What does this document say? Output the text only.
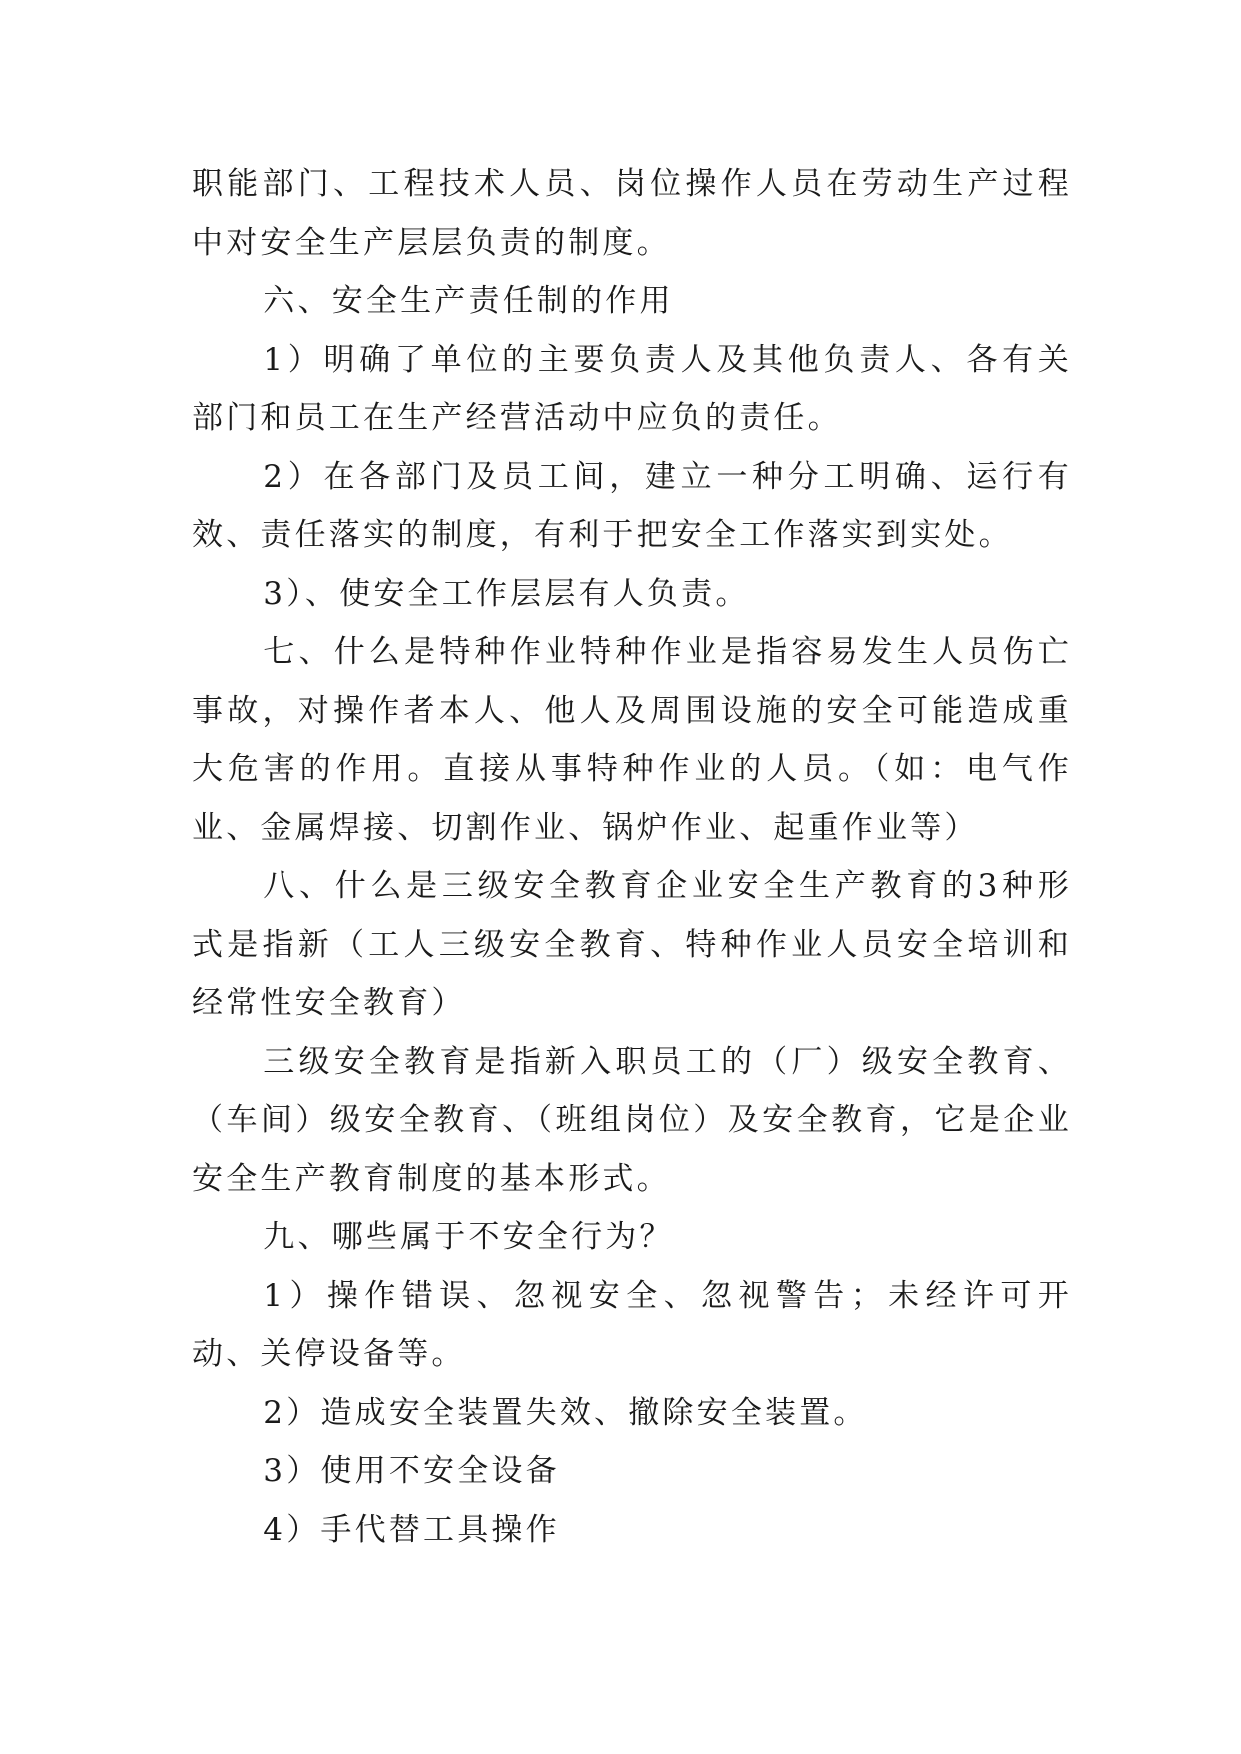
职能部门、工程技术人员、岗位操作人员在劳动生产过程中对安全生产层层负责的制度。

六、安全生产责任制的作用

1）明确了单位的主要负责人及其他负责人、各有关部门和员工在生产经营活动中应负的责任。

2）在各部门及员工间，建立一种分工明确、运行有效、责任落实的制度，有利于把安全工作落实到实处。

3）、使安全工作层层有人负责。

七、什么是特种作业特种作业是指容易发生人员伤亡事故，对操作者本人、他人及周围设施的安全可能造成重大危害的作用。直接从事特种作业的人员。（如：电气作业、金属焊接、切割作业、锅炉作业、起重作业等）

八、什么是三级安全教育企业安全生产教育的3种形式是指新（工人三级安全教育、特种作业人员安全培训和经常性安全教育）

三级安全教育是指新入职员工的（厂）级安全教育、（车间）级安全教育、（班组岗位）及安全教育，它是企业安全生产教育制度的基本形式。

九、哪些属于不安全行为？

1）操作错误、忽视安全、忽视警告；未经许可开动、关停设备等。

2）造成安全装置失效、撤除安全装置。

3）使用不安全设备

4）手代替工具操作
